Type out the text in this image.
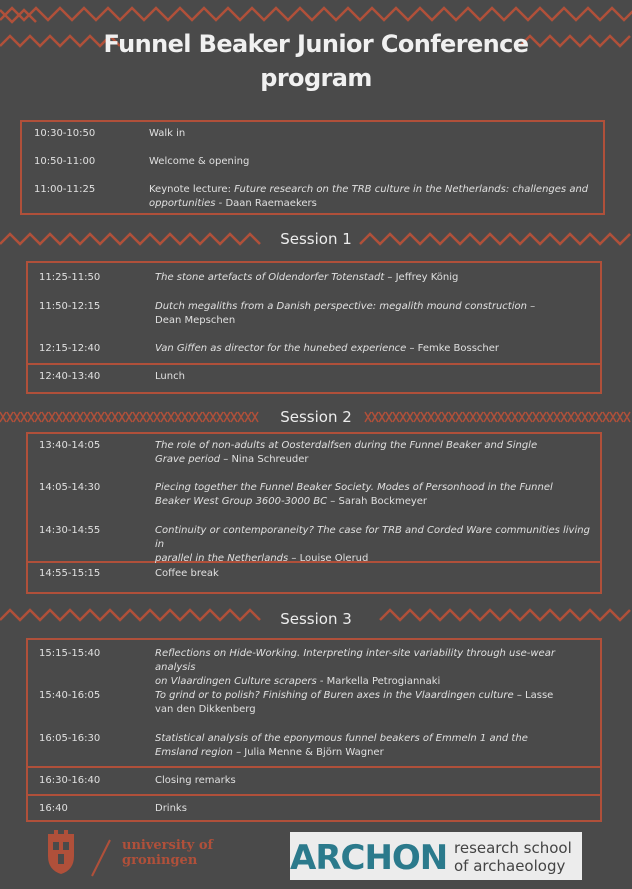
Funnel Beaker Junior Conference
program
10:30-10:50	Walk in
10:50-11:00	Welcome & opening
11:00-11:25	Keynote lecture: Future research on the TRB culture in the Netherlands: challenges and
opportunities - Daan Raemaekers
Session 1
11:25-11:50	The stone artefacts of Oldendorfer Totenstadt – Jeffrey König
11:50-12:15	Dutch megaliths from a Danish perspective: megalith mound construction –
Dean Mepschen
12:15-12:40	Van Giffen as director for the hunebed experience – Femke Bosscher
12:40-13:40	Lunch
Session 2
13:40-14:05	The role of non-adults at Oosterdalfsen during the Funnel Beaker and Single
Grave period – Nina Schreuder
14:05-14:30	Piecing together the Funnel Beaker Society. Modes of Personhood in the Funnel
Beaker West Group 3600-3000 BC – Sarah Bockmeyer
14:30-14:55	Continuity or contemporaneity? The case for TRB and Corded Ware communities living in
parallel in the Netherlands – Louise Olerud
14:55-15:15	Coffee break
Session 3
15:15-15:40	Reflections on Hide-Working. Interpreting inter-site variability through use-wear analysis
on Vlaardingen Culture scrapers - Markella Petrogiannaki
15:40-16:05	To grind or to polish? Finishing of Buren axes in the Vlaardingen culture – Lasse
van den Dikkenberg
16:05-16:30	Statistical analysis of the eponymous funnel beakers of Emmeln 1 and the
Emsland region – Julia Menne & Björn Wagner
16:30-16:40	Closing remarks
16:40	Drinks
university of
groningen	ARCHON research school
of archaeology
